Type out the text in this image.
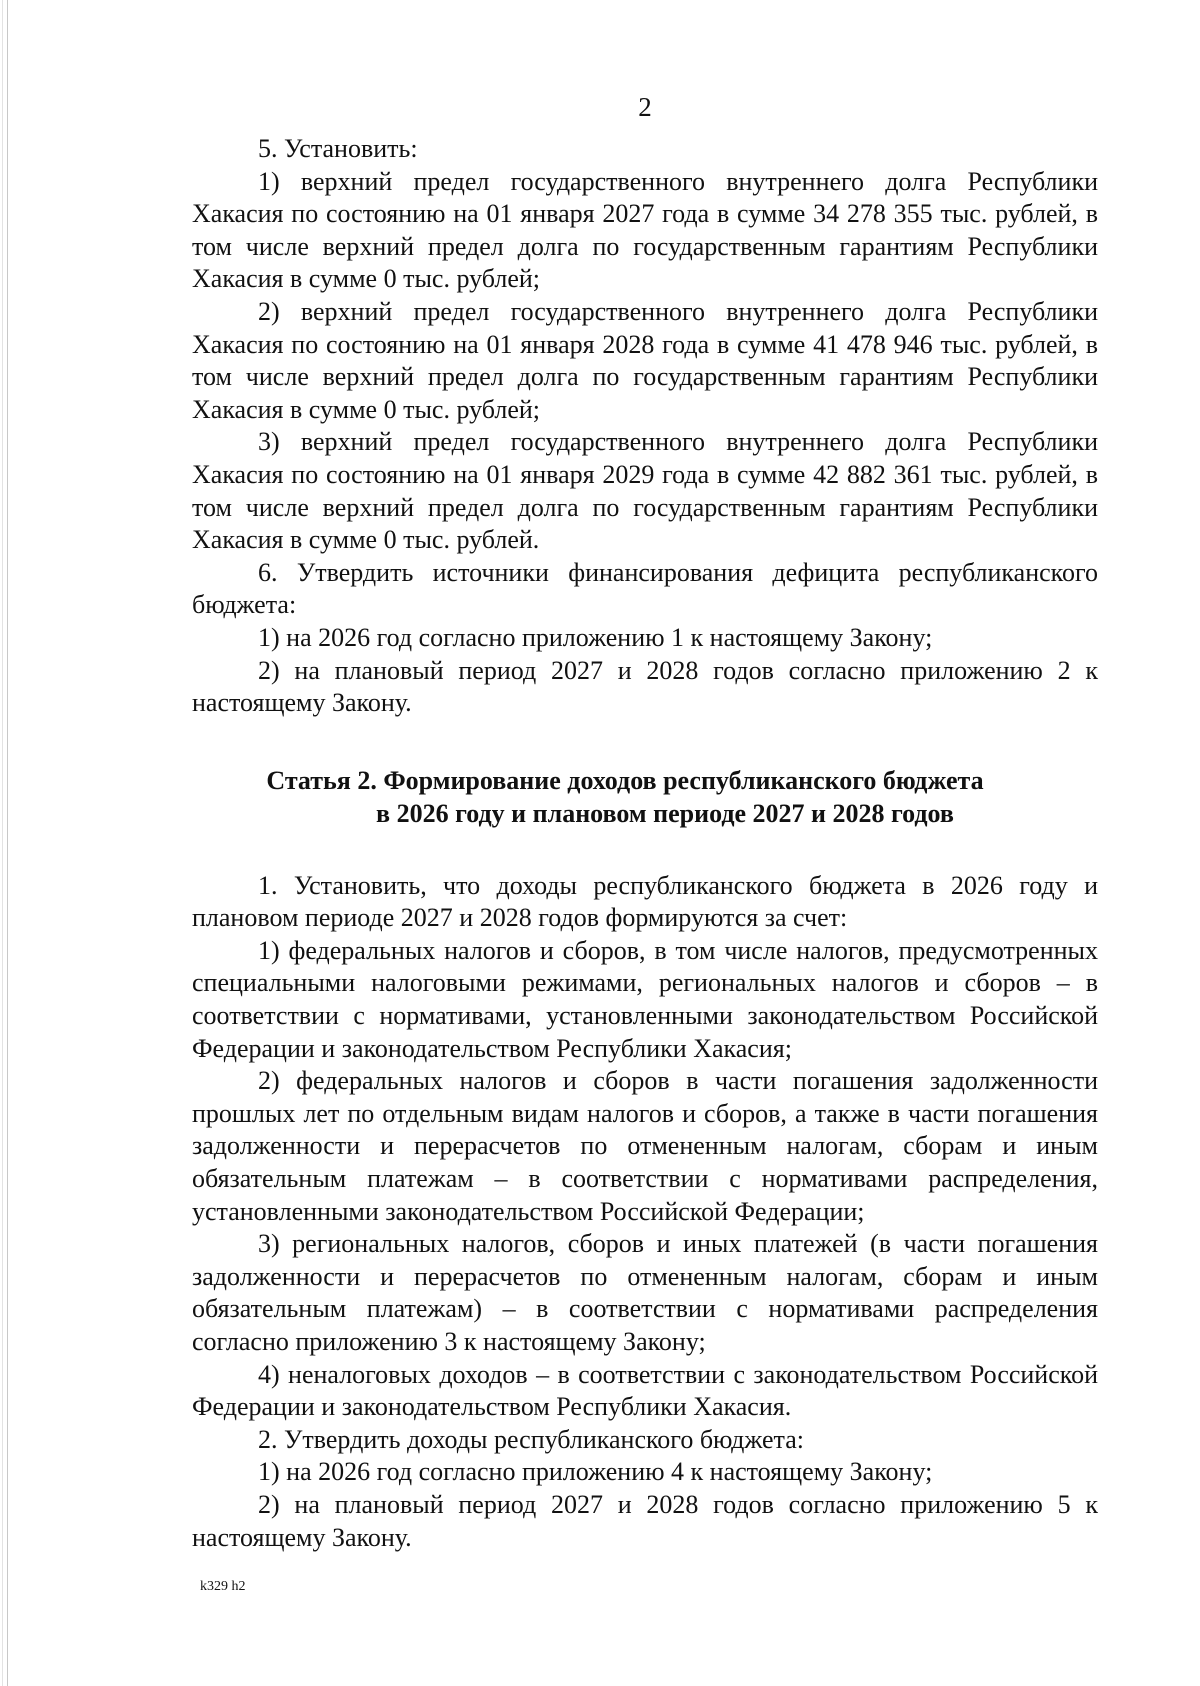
2

5. Установить:

1) верхний предел государственного внутреннего долга Республики Хакасия по состоянию на 01 января 2027 года в сумме 34 278 355 тыс. рублей, в том числе верхний предел долга по государственным гарантиям Республики Хакасия в сумме 0 тыс. рублей;

2) верхний предел государственного внутреннего долга Республики Хакасия по состоянию на 01 января 2028 года в сумме 41 478 946 тыс. рублей, в том числе верхний предел долга по государственным гарантиям Республики Хакасия в сумме 0 тыс. рублей;

3) верхний предел государственного внутреннего долга Республики Хакасия по состоянию на 01 января 2029 года в сумме 42 882 361 тыс. рублей, в том числе верхний предел долга по государственным гарантиям Республики Хакасия в сумме 0 тыс. рублей.

6. Утвердить источники финансирования дефицита республиканского бюджета:

1) на 2026 год согласно приложению 1 к настоящему Закону;

2) на плановый период 2027 и 2028 годов согласно приложению 2 к настоящему Закону.

Статья 2. Формирование доходов республиканского бюджета
в 2026 году и плановом периоде 2027 и 2028 годов

1. Установить, что доходы республиканского бюджета в 2026 году и плановом периоде 2027 и 2028 годов формируются за счет:

1) федеральных налогов и сборов, в том числе налогов, предусмотренных специальными налоговыми режимами, региональных налогов и сборов – в соответствии с нормативами, установленными законодательством Российской Федерации и законодательством Республики Хакасия;

2) федеральных налогов и сборов в части погашения задолженности прошлых лет по отдельным видам налогов и сборов, а также в части погашения задолженности и перерасчетов по отмененным налогам, сборам и иным обязательным платежам – в соответствии с нормативами распределения, установленными законодательством Российской Федерации;

3) региональных налогов, сборов и иных платежей (в части погашения задолженности и перерасчетов по отмененным налогам, сборам и иным обязательным платежам) – в соответствии с нормативами распределения согласно приложению 3 к настоящему Закону;

4) неналоговых доходов – в соответствии с законодательством Российской Федерации и законодательством Республики Хакасия.

2. Утвердить доходы республиканского бюджета:

1) на 2026 год согласно приложению 4 к настоящему Закону;

2) на плановый период 2027 и 2028 годов согласно приложению 5 к настоящему Закону.

k329 h2
